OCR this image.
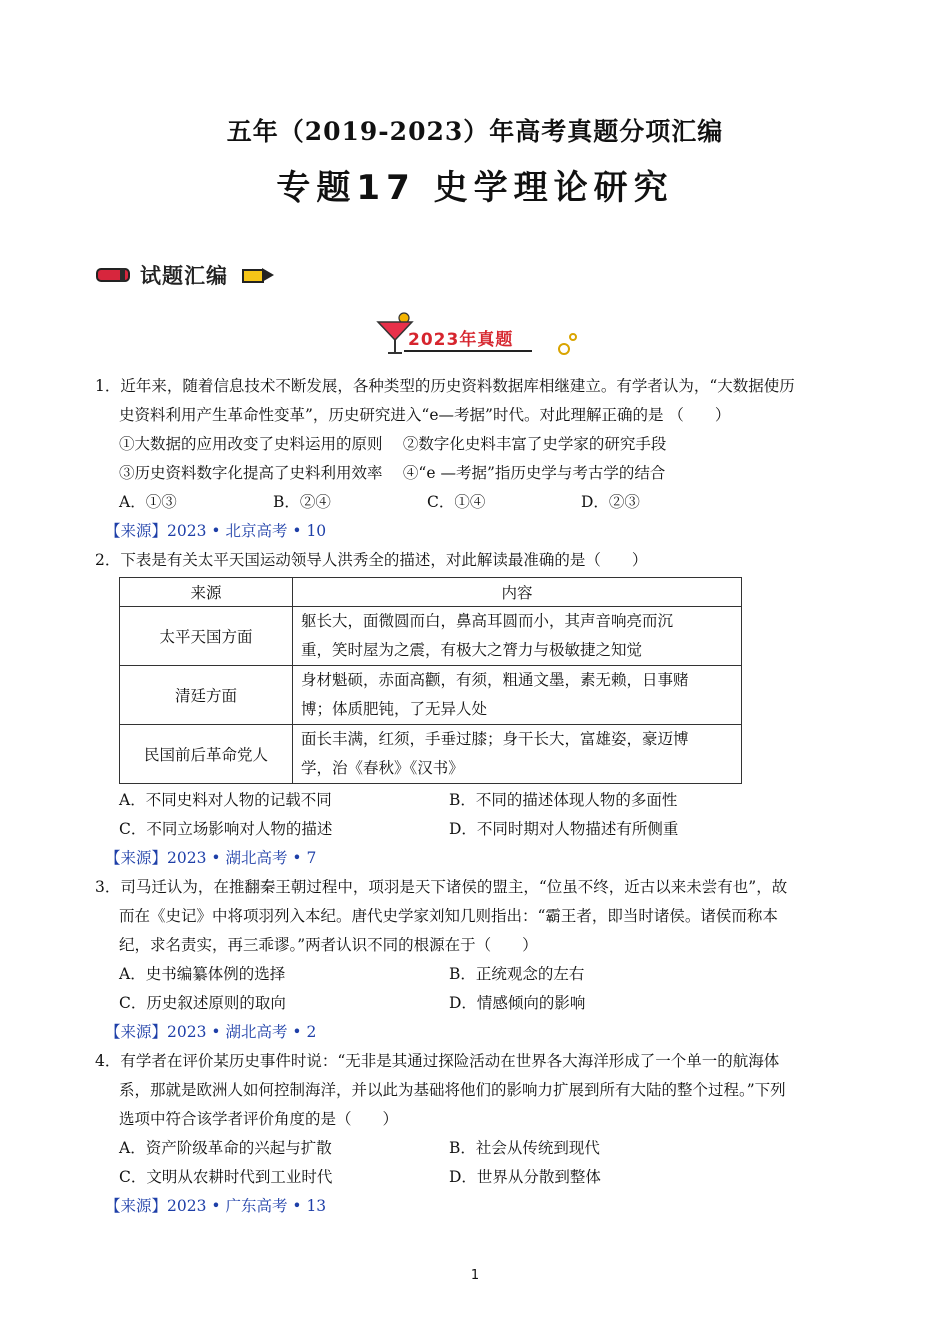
五年（2019-2023）年高考真题分项汇编
专题17 史学理论研究
试题汇编
2023年真题
1．近年来，随着信息技术不断发展，各种类型的历史资料数据库相继建立。有学者认为，“大数据使历
史资料利用产生革命性变革”，历史研究进入“e—考据”时代。对此理解正确的是 （　　）
①大数据的应用改变了史料运用的原则　 ②数字化史料丰富了史学家的研究手段
③历史资料数字化提高了史料利用效率　 ④“e —考据”指历史学与考古学的结合
A．①③	B．②④	C．①④	D．②③
【来源】2023 • 北京高考 • 10
2．下表是有关太平天国运动领导人洪秀全的描述，对此解读最准确的是（　　）
来源	内容
太平天国方面	躯长大，面微圆而白，鼻高耳圆而小，其声音响亮而沉
重，笑时屋为之震，有极大之膂力与极敏捷之知觉

清廷方面	身材魁硕，赤面高颧，有须，粗通文墨，素无赖，日事赌
博；体质肥钝，了无异人处

民国前后革命党人	面长丰满，红须，手垂过膝；身干长大，富雄姿，豪迈博
学，治《春秋》《汉书》
A．不同史料对人物的记载不同	B．不同的描述体现人物的多面性
C．不同立场影响对人物的描述	D．不同时期对人物描述有所侧重
【来源】2023 • 湖北高考 • 7
3．司马迁认为，在推翻秦王朝过程中，项羽是天下诸侯的盟主，“位虽不终，近古以来未尝有也”，故
而在《史记》中将项羽列入本纪。唐代史学家刘知几则指出：“霸王者，即当时诸侯。诸侯而称本
纪，求名责实，再三乖谬。”两者认识不同的根源在于（　　）
A．史书编纂体例的选择	B．正统观念的左右
C．历史叙述原则的取向	D．情感倾向的影响
【来源】2023 • 湖北高考 • 2
4．有学者在评价某历史事件时说：“无非是其通过探险活动在世界各大海洋形成了一个单一的航海体
系，那就是欧洲人如何控制海洋，并以此为基础将他们的影响力扩展到所有大陆的整个过程。”下列
选项中符合该学者评价角度的是（　　）
A．资产阶级革命的兴起与扩散	B．社会从传统到现代
C．文明从农耕时代到工业时代	D．世界从分散到整体
【来源】2023 • 广东高考 • 13
1
